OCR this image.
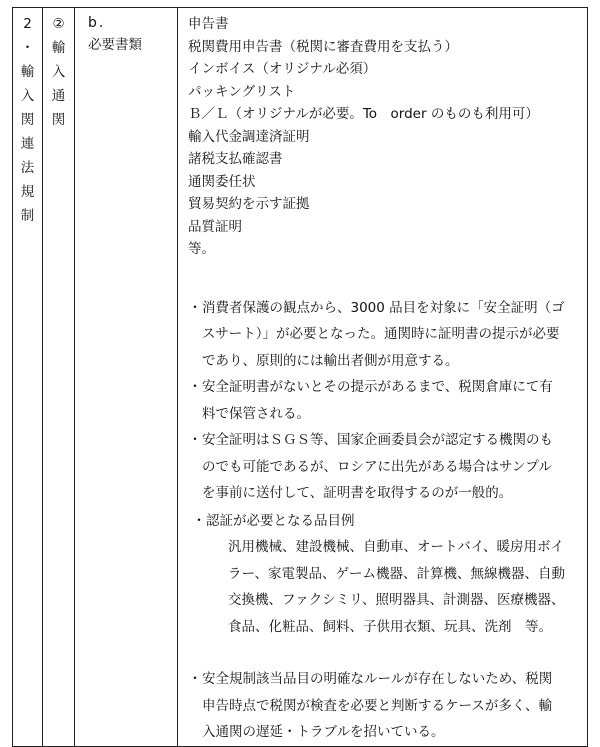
2
・
輸
入
関
連
法
規
制

②
輸
入
通
関

b.
必要書類

申告書
税関費用申告書（税関に審査費用を支払う）
インボイス（オリジナル必須）
パッキングリスト
Ｂ／Ｌ（オリジナルが必要。To　order のものも利用可）
輸入代金調達済証明
諸税支払確認書
通関委任状
貿易契約を示す証拠
品質証明
等。
・ 消費者保護の観点から、3000 品目を対象に「安全証明（ゴ
スサート）」が必要となった。通関時に証明書の提示が必要
であり、原則的には輸出者側が用意する。
・ 安全証明書がないとその提示があるまで、税関倉庫にて有
料で保管される。
・ 安全証明はＳＧＳ等、国家企画委員会が認定する機関のも
のでも可能であるが、ロシアに出先がある場合はサンプル
を事前に送付して、証明書を取得するのが一般的。
・ 認証が必要となる品目例
汎用機械、建設機械、自動車、オートバイ、暖房用ボイ
ラー、家電製品、ゲーム機器、計算機、無線機器、自動
交換機、ファクシミリ、照明器具、計測器、医療機器、
食品、化粧品、飼料、子供用衣類、玩具、洗剤　等。
・ 安全規制該当品目の明確なルールが存在しないため、税関
申告時点で税関が検査を必要と判断するケースが多く、輸
入通関の遅延・トラブルを招いている。
